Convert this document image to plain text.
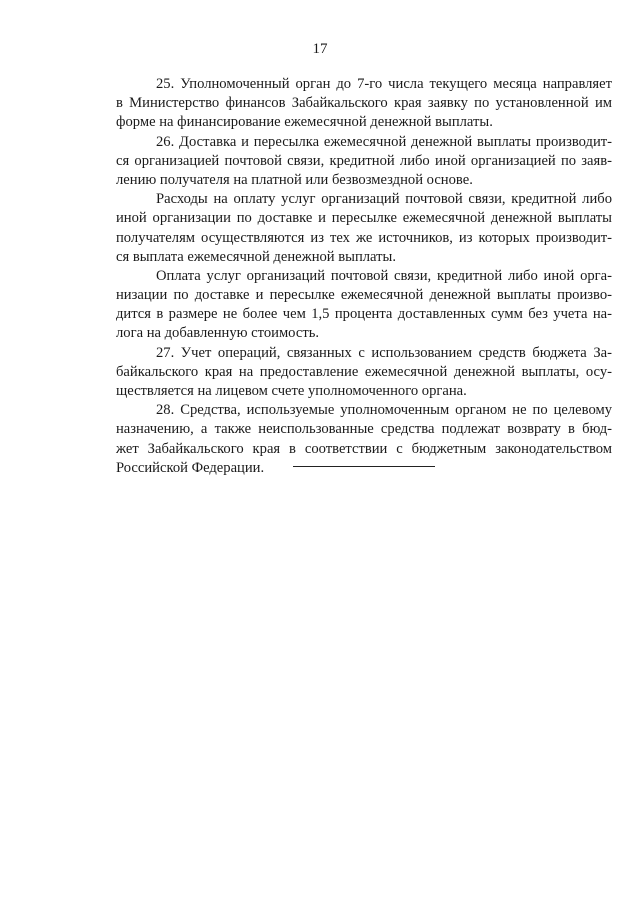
17
25. Уполномоченный орган до 7-го числа текущего месяца направляет
в Министерство финансов Забайкальского края заявку по установленной им
форме на финансирование ежемесячной денежной выплаты.
26. Доставка и пересылка ежемесячной денежной выплаты производит-
ся организацией почтовой связи, кредитной либо иной организацией по заяв-
лению получателя на платной или безвозмездной основе.
Расходы на оплату услуг организаций почтовой связи, кредитной либо
иной организации по доставке и пересылке ежемесячной денежной выплаты
получателям осуществляются из тех же источников, из которых производит-
ся выплата ежемесячной денежной выплаты.
Оплата услуг организаций почтовой связи, кредитной либо иной орга-
низации по доставке и пересылке ежемесячной денежной выплаты произво-
дится в размере не более чем 1,5 процента доставленных сумм без учета на-
лога на добавленную стоимость.
27. Учет операций, связанных с использованием средств бюджета За-
байкальского края на предоставление ежемесячной денежной выплаты, осу-
ществляется на лицевом счете уполномоченного органа.
28. Средства, используемые уполномоченным органом не по целевому
назначению, а также неиспользованные средства подлежат возврату в бюд-
жет Забайкальского края в соответствии с бюджетным законодательством
Российской Федерации.
